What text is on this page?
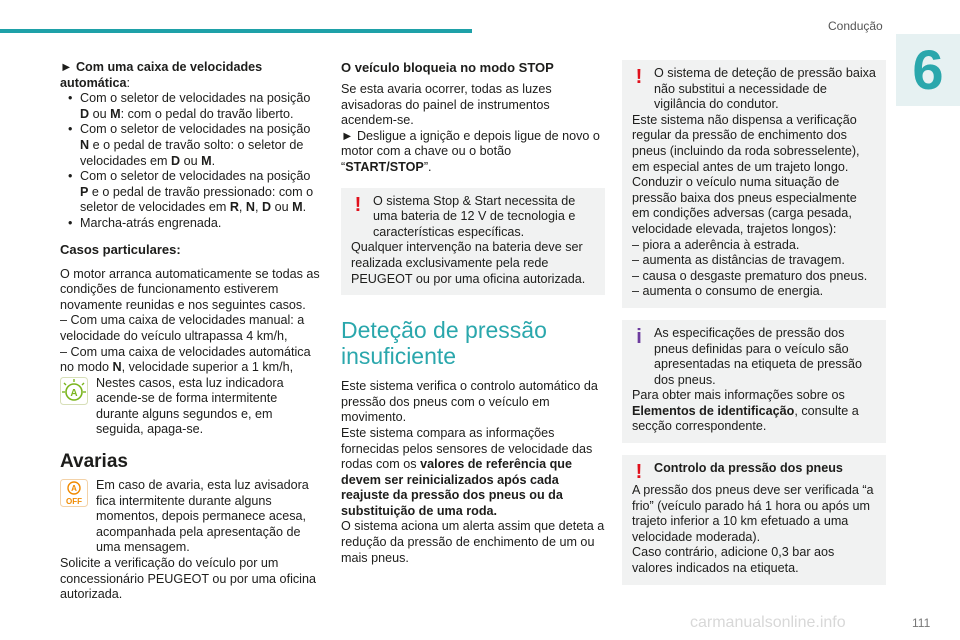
Condução
6

► Com uma caixa de velocidades automática:

• Com o seletor de velocidades na posição D ou M: com o pedal do travão liberto.
• Com o seletor de velocidades na posição N e o pedal de travão solto: o seletor de velocidades em D ou M.
• Com o seletor de velocidades na posição P e o pedal de travão pressionado: com o seletor de velocidades em R, N, D ou M.
• Marcha-atrás engrenada.
Casos particulares:

O motor arranca automaticamente se todas as condições de funcionamento estiverem novamente reunidas e nos seguintes casos.

– Com uma caixa de velocidades manual: a velocidade do veículo ultrapassa 4 km/h,

– Com uma caixa de velocidades automática no modo N, velocidade superior a 1 km/h,

A

Nestes casos, esta luz indicadora acende-se de forma intermitente durante alguns segundos e, em seguida, apaga-se.

Avarias
A
OFF

Em caso de avaria, esta luz avisadora fica intermitente durante alguns momentos, depois permanece acesa, acompanhada pela apresentação de uma mensagem.

Solicite a verificação do veículo por um concessionário PEUGEOT ou por uma oficina autorizada.

O veículo bloqueia no modo STOP

Se esta avaria ocorrer, todas as luzes avisadoras do painel de instrumentos acendem-se.

► Desligue a ignição e depois ligue de novo o motor com a chave ou o botão “START/STOP”.

! O sistema Stop & Start necessita de uma bateria de 12 V de tecnologia e características específicas.

Qualquer intervenção na bateria deve ser realizada exclusivamente pela rede PEUGEOT ou por uma oficina autorizada.

Deteção de pressão insuficiente

Este sistema verifica o controlo automático da pressão dos pneus com o veículo em movimento.

Este sistema compara as informações fornecidas pelos sensores de velocidade das rodas com os valores de referência que devem ser reinicializados após cada reajuste da pressão dos pneus ou da substituição de uma roda.

O sistema aciona um alerta assim que deteta a redução da pressão de enchimento de um ou mais pneus.

! O sistema de deteção de pressão baixa não substitui a necessidade de vigilância do condutor.

Este sistema não dispensa a verificação regular da pressão de enchimento dos pneus (incluindo da roda sobresselente), em especial antes de um trajeto longo.

Conduzir o veículo numa situação de pressão baixa dos pneus especialmente em condições adversas (carga pesada, velocidade elevada, trajetos longos):

– piora a aderência à estrada.

– aumenta as distâncias de travagem.

– causa o desgaste prematuro dos pneus.

– aumenta o consumo de energia.

i As especificações de pressão dos pneus definidas para o veículo são apresentadas na etiqueta de pressão dos pneus.

Para obter mais informações sobre os Elementos de identificação, consulte a secção correspondente.

! Controlo da pressão dos pneus

A pressão dos pneus deve ser verificada “a frio” (veículo parado há 1 hora ou após um trajeto inferior a 10 km efetuado a uma velocidade moderada).

Caso contrário, adicione 0,3 bar aos valores indicados na etiqueta.

carmanualsonline.info	111
